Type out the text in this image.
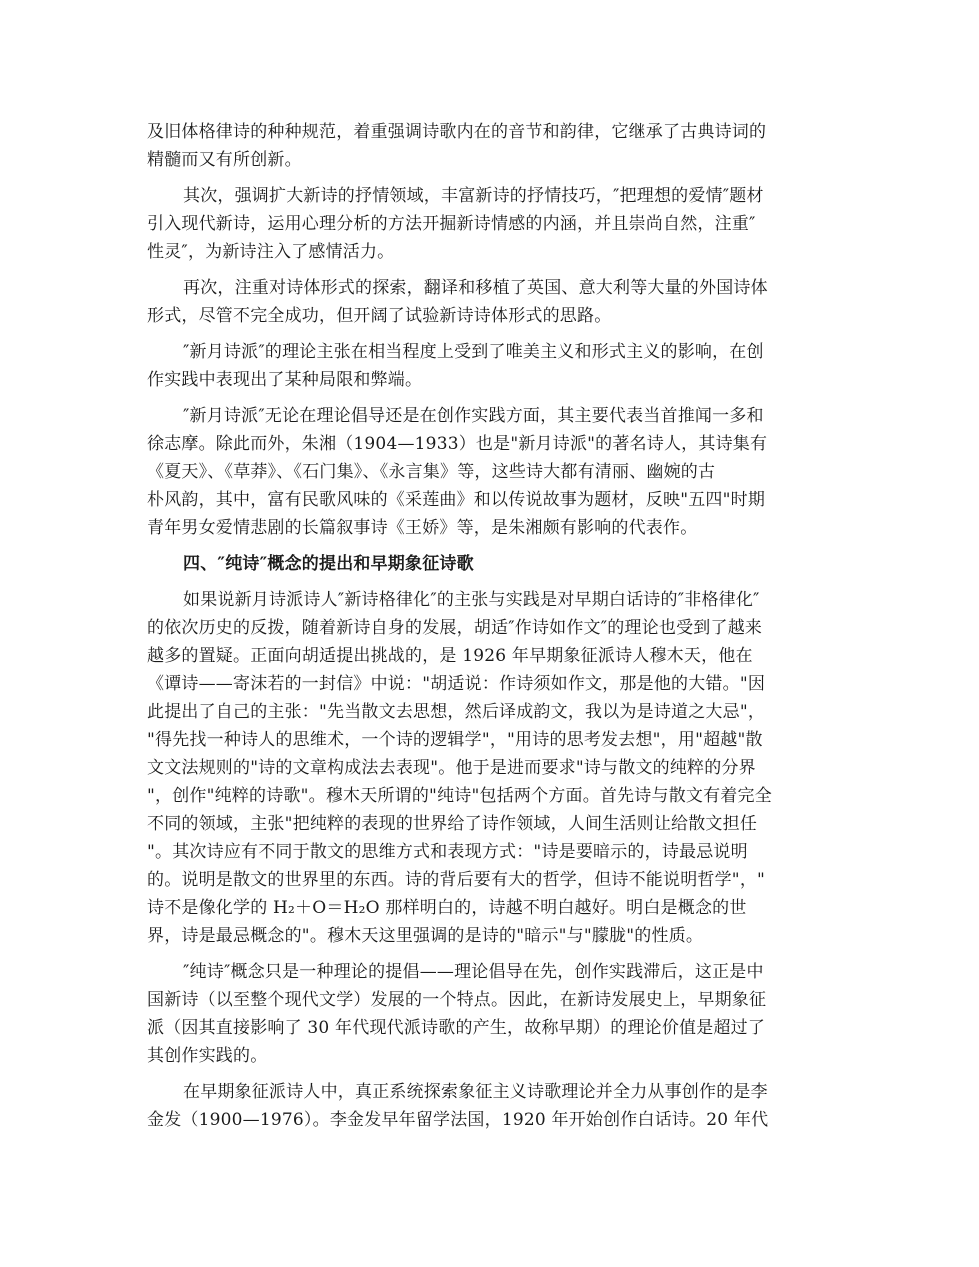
及旧体格律诗的种种规范，着重强调诗歌内在的音节和韵律，它继承了古典诗词的

精髓而又有所创新。

其次，强调扩大新诗的抒情领域，丰富新诗的抒情技巧，″把理想的爱情″题材

引入现代新诗，运用心理分析的方法开掘新诗情感的内涵，并且崇尚自然，注重″

性灵″，为新诗注入了感情活力。

再次，注重对诗体形式的探索，翻译和移植了英国、意大利等大量的外国诗体

形式，尽管不完全成功，但开阔了试验新诗诗体形式的思路。

″新月诗派″的理论主张在相当程度上受到了唯美主义和形式主义的影响，在创

作实践中表现出了某种局限和弊端。

″新月诗派″无论在理论倡导还是在创作实践方面，其主要代表当首推闻一多和

徐志摩。除此而外，朱湘（1904—1933）也是"新月诗派"的著名诗人，其诗集有

《夏天》、《草莽》、《石门集》、《永言集》等，这些诗大都有清丽、幽婉的古

朴风韵，其中，富有民歌风味的《采莲曲》和以传说故事为题材，反映"五四"时期

青年男女爱情悲剧的长篇叙事诗《王娇》等，是朱湘颇有影响的代表作。

四、″纯诗″概念的提出和早期象征诗歌

如果说新月诗派诗人″新诗格律化″的主张与实践是对早期白话诗的″非格律化″

的依次历史的反拨，随着新诗自身的发展，胡适″作诗如作文″的理论也受到了越来

越多的置疑。正面向胡适提出挑战的，是 1926 年早期象征派诗人穆木天，他在

《谭诗——寄沫若的一封信》中说："胡适说：作诗须如作文，那是他的大错。"因

此提出了自己的主张："先当散文去思想，然后译成韵文，我以为是诗道之大忌"，

"得先找一种诗人的思维术，一个诗的逻辑学"，"用诗的思考发去想"，用"超越"散

文文法规则的"诗的文章构成法去表现"。他于是进而要求"诗与散文的纯粹的分界

"，创作"纯粹的诗歌"。穆木天所谓的"纯诗"包括两个方面。首先诗与散文有着完全

不同的领域，主张"把纯粹的表现的世界给了诗作领域，人间生活则让给散文担任

"。其次诗应有不同于散文的思维方式和表现方式："诗是要暗示的，诗最忌说明

的。说明是散文的世界里的东西。诗的背后要有大的哲学，但诗不能说明哲学"，"

诗不是像化学的 H₂＋O＝H₂O 那样明白的，诗越不明白越好。明白是概念的世

界，诗是最忌概念的"。穆木天这里强调的是诗的"暗示"与"朦胧"的性质。

″纯诗″概念只是一种理论的提倡——理论倡导在先，创作实践滞后，这正是中

国新诗（以至整个现代文学）发展的一个特点。因此，在新诗发展史上，早期象征

派（因其直接影响了 30 年代现代派诗歌的产生，故称早期）的理论价值是超过了

其创作实践的。

在早期象征派诗人中，真正系统探索象征主义诗歌理论并全力从事创作的是李

金发（1900—1976）。李金发早年留学法国，1920 年开始创作白话诗。20 年代
